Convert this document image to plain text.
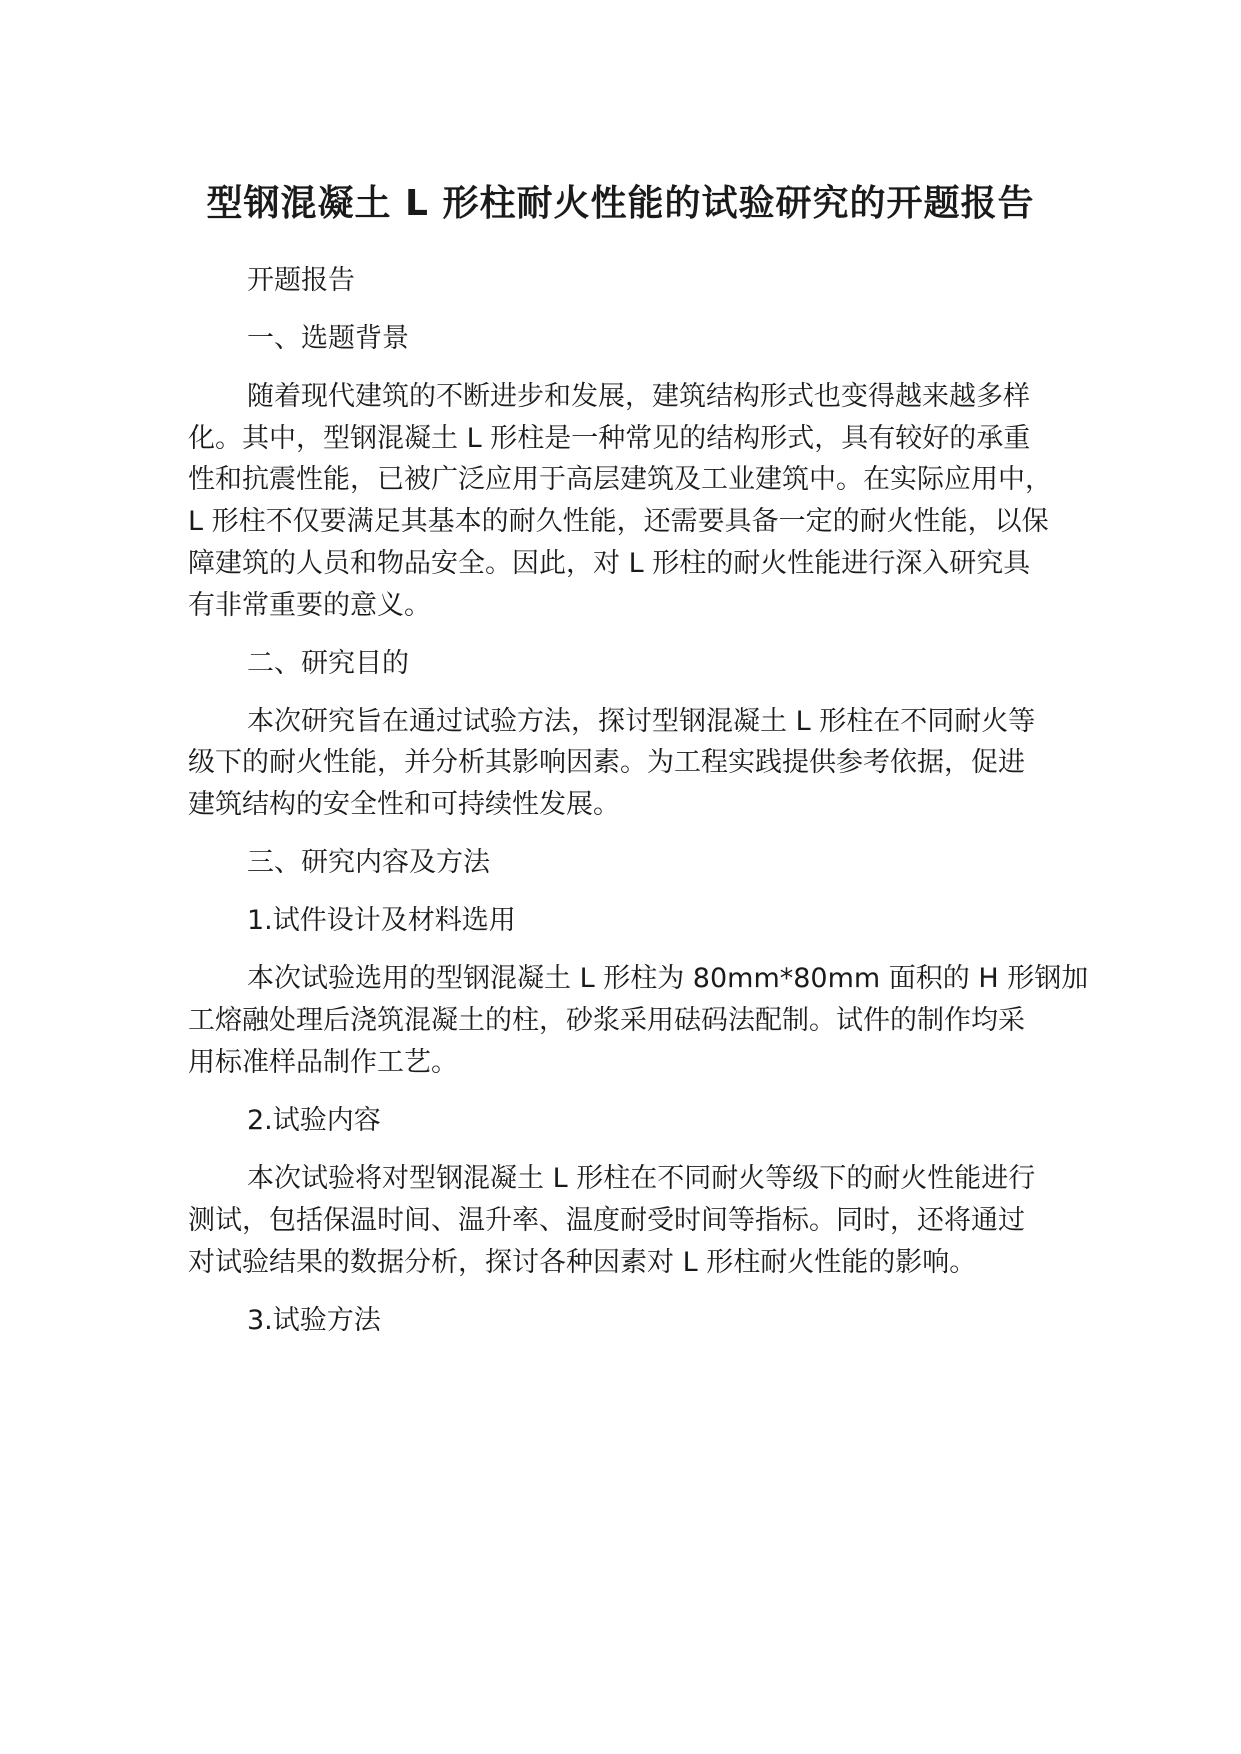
型钢混凝土 L 形柱耐火性能的试验研究的开题报告
开题报告
一、选题背景
随着现代建筑的不断进步和发展，建筑结构形式也变得越来越多样
化。其中，型钢混凝土 L 形柱是一种常见的结构形式，具有较好的承重
性和抗震性能，已被广泛应用于高层建筑及工业建筑中。在实际应用中，
L 形柱不仅要满足其基本的耐久性能，还需要具备一定的耐火性能，以保
障建筑的人员和物品安全。因此，对 L 形柱的耐火性能进行深入研究具
有非常重要的意义。
二、研究目的
本次研究旨在通过试验方法，探讨型钢混凝土 L 形柱在不同耐火等
级下的耐火性能，并分析其影响因素。为工程实践提供参考依据，促进
建筑结构的安全性和可持续性发展。
三、研究内容及方法
1.试件设计及材料选用
本次试验选用的型钢混凝土 L 形柱为 80mm*80mm 面积的 H 形钢加
工熔融处理后浇筑混凝土的柱，砂浆采用砝码法配制。试件的制作均采
用标准样品制作工艺。
2.试验内容
本次试验将对型钢混凝土 L 形柱在不同耐火等级下的耐火性能进行
测试，包括保温时间、温升率、温度耐受时间等指标。同时，还将通过
对试验结果的数据分析，探讨各种因素对 L 形柱耐火性能的影响。
3.试验方法
